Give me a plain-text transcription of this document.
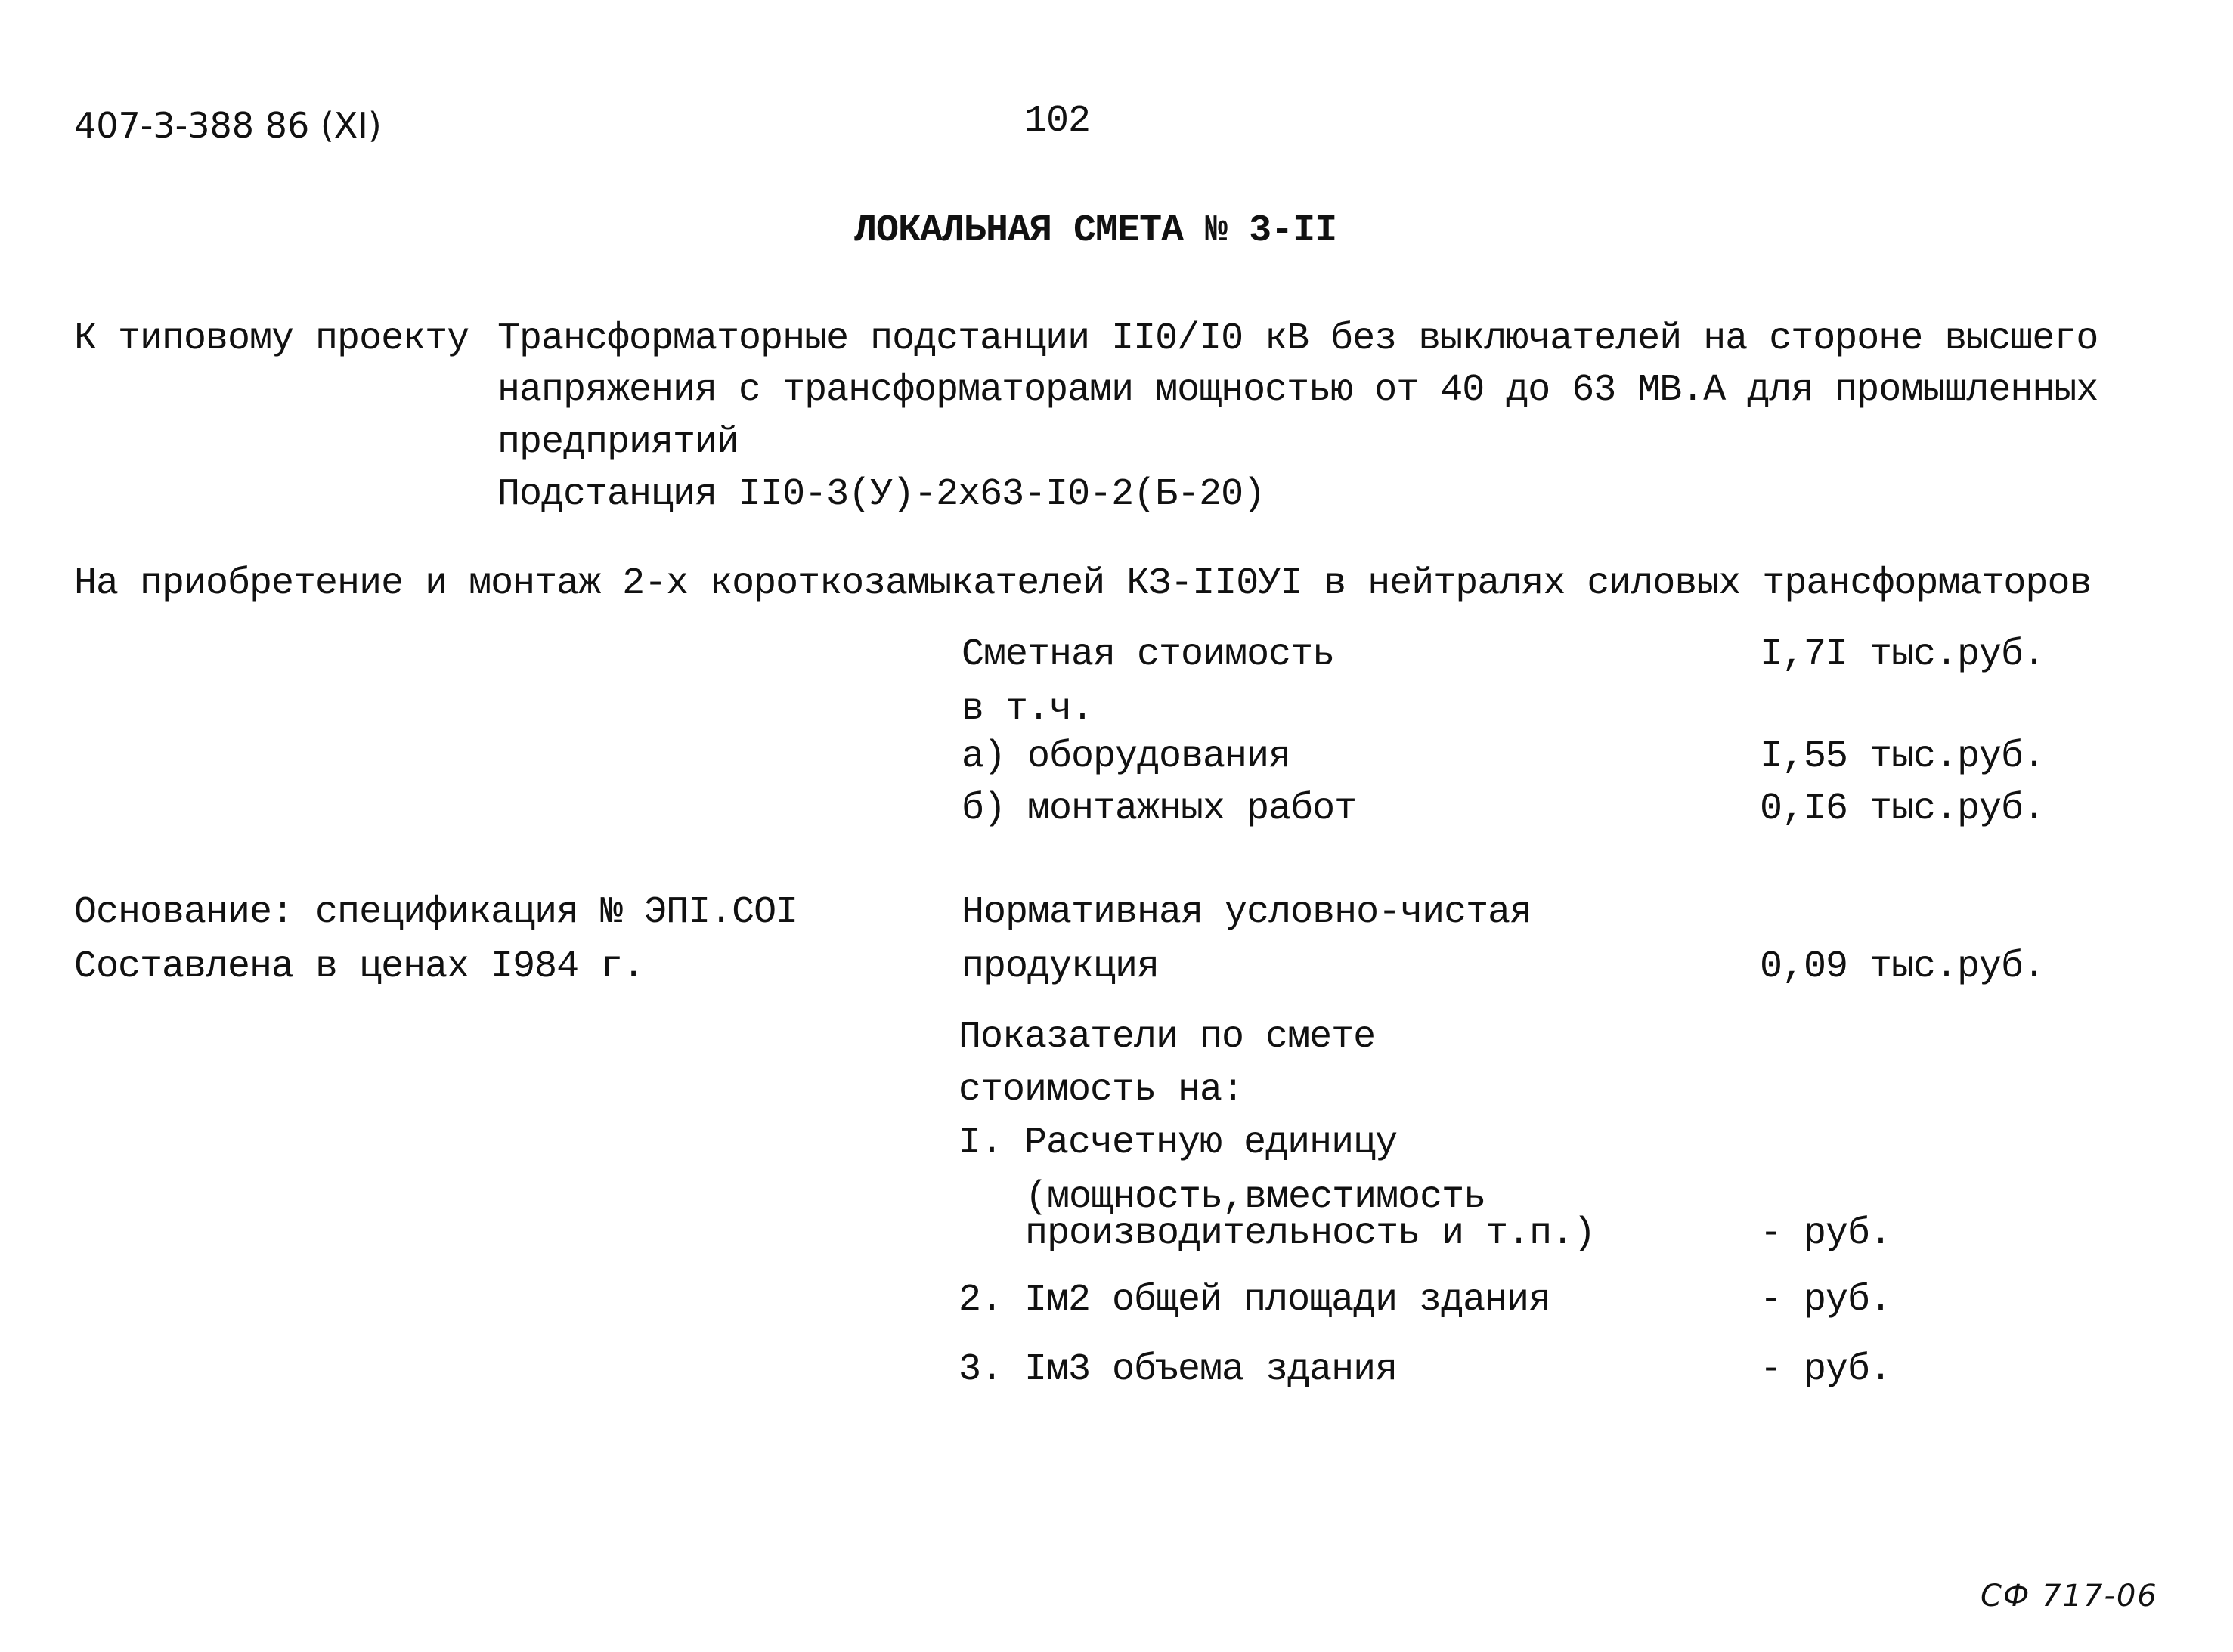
407-3-388 86 (XI)	102
ЛОКАЛЬНАЯ СМЕТА № 3-II
К типовому проекту Трансформаторные подстанции II0/I0 кВ без выключателей на стороне высшего
напряжения с трансформаторами мощностью от 40 до 63 МВ.А для промышленных
предприятий
Подстанция II0-3(У)-2х63-I0-2(Б-20)
На приобретение и монтаж 2-х короткозамыкателей КЗ-II0УI в нейтралях силовых трансформаторов
Сметная стоимость	I,7I тыс.руб.
в т.ч.
а) оборудования	I,55 тыс.руб.
б) монтажных работ	0,I6 тыс.руб.
Основание: спецификация № ЭПI.СОI
Составлена в ценах I984 г.
Нормативная условно-чистая
продукция	0,09 тыс.руб.
Показатели по смете
стоимость на:
I. Расчетную единицу
(мощность,вместимость
производительность и т.п.)	- руб.
2. Iм2 общей площади здания	- руб.
3. Iм3 объема здания	- руб.
СФ 717-06
